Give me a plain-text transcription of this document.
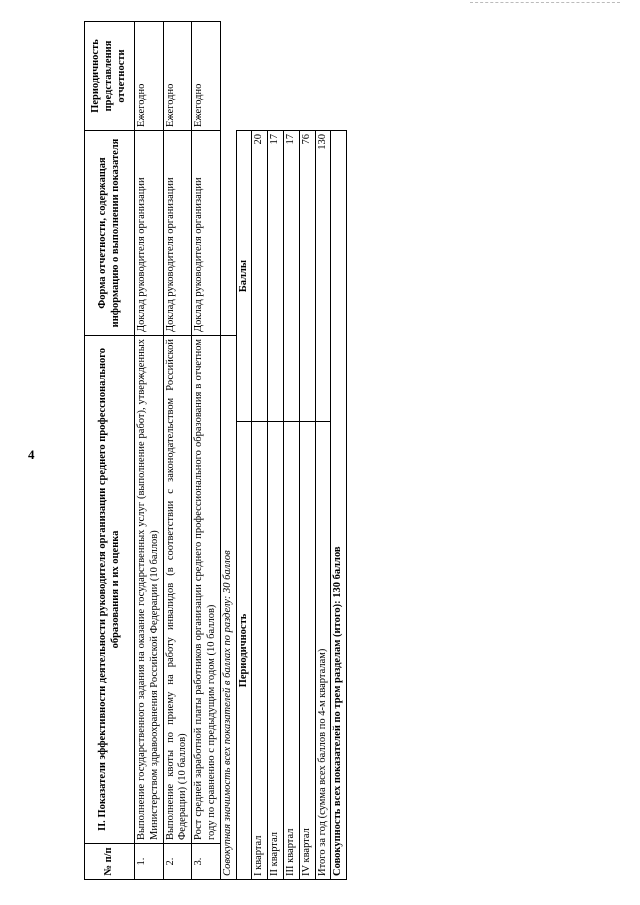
4
№ п/п	II. Показатели эффективности деятельности руководителя организации среднего профессионального образования и их оценка		Форма отчетности, содержащая информацию о выполнении показателя	Периодичность представления отчетности
1.	Выполнение государственного задания на оказание государственных услуг (выполнение работ), утвержденных Министерством здравоохранения Российской Федерации (10 баллов)		Доклад руководителя организации	Ежегодно
2.	Выполнение квоты по приему на работу инвалидов (в соответствии с законодательством Российской Федерации) (10 баллов)		Доклад руководителя организации	Ежегодно
3.	Рост средней заработной платы работников организации среднего профессионального образования в отчетном году по сравнению с предыдущим годом (10 баллов)		Доклад руководителя организации	Ежегодно
Совокупная значимость всех показателей в баллах по разделу: 30 баллов				
Периодичность		Баллы		
I квартал		20		
II квартал		17		
III квартал		17		
IV квартал		76		
Итого за год (сумма всех баллов по 4-м кварталам)		130		
Совокупность всех показателей по трем разделам (итого): 130 баллов				
